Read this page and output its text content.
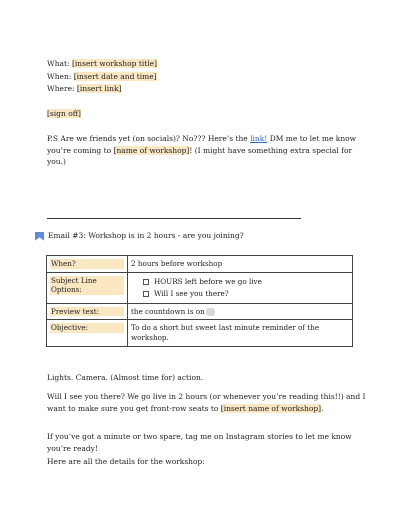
What: [insert workshop title]
When: [insert date and time]
Where: [insert link]
[sign off]
P.S Are we friends yet (on socials)? No??? Here’s the link! DM me to let me know you’re coming to [name of workshop]! (I might have something extra special for you.)
Email #3: Workshop is in 2 hours - are you joining?
When?	2 hours before workshop
Subject Line Options:	HOURS left before we go live
Will I see you there?

Preview text:	the countdown is on
Objective:	To do a short but sweet last minute reminder of the workshop.
Lights. Camera. (Almost time for) action.
Will I see you there? We go live in 2 hours (or whenever you’re reading this!!) and I want to make sure you get front-row seats to [insert name of workshop].
If you’ve got a minute or two spare, tag me on Instagram stories to let me know you’re ready!
Here are all the details for the workshop:
